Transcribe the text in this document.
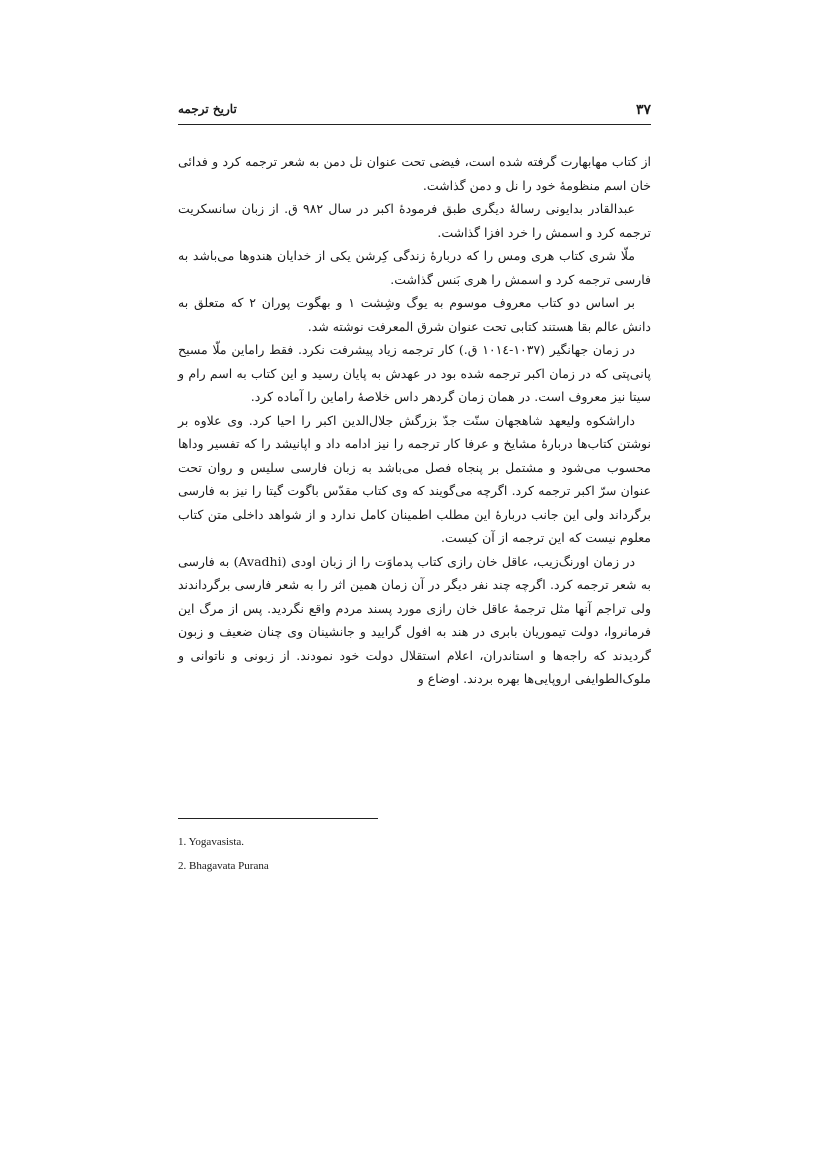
۳۷
تاریخ ترجمه

از کتاب مهابهارت گرفته شده است، فیضی تحت عنوان نل دمن به شعر ترجمه کرد و فدائی خان اسم منظومهٔ خود را نل و دمن گذاشت.

عبدالقادر بدایونی رسالهٔ دیگری طبق فرمودهٔ اکبر در سال ۹۸۲ ق. از زبان سانسکریت ترجمه کرد و اسمش را خرد افزا گذاشت.

ملّا شری کتاب هری ومس را که دربارهٔ زندگی کِرشن یکی از خدایان هندوها می‌باشد به فارسی ترجمه کرد و اسمش را هری بَنس گذاشت.

بر اساس دو کتاب معروف موسوم به یوگ وشِشت ۱ و بهگوت پوران ۲ که متعلق به دانش عالم بقا هستند کتابی تحت عنوان شرق المعرفت نوشته شد.

در زمان جهانگیر (۱۰۳۷-۱۰۱٤ ق.) کار ترجمه زیاد پیشرفت نکرد. فقط راماین ملّا مسیح پانی‌پتی که در زمان اکبر ترجمه شده بود در عهدش به پایان رسید و این کتاب به اسم رام و سیتا نیز معروف است. در همان زمان گردهر داس خلاصهٔ راماین را آماده کرد.

داراشکوه ولیعهد شاهجهان سنّت جدّ بزرگش جلال‌الدین اکبر را احیا کرد. وی علاوه بر نوشتن کتاب‌ها دربارهٔ مشایخ و عرفا کار ترجمه را نیز ادامه داد و اپانیشد را که تفسیر وداها محسوب می‌شود و مشتمل بر پنجاه فصل می‌باشد به زبان فارسی سلیس و روان تحت عنوان سرّ اکبر ترجمه کرد. اگرچه می‌گویند که وی کتاب مقدّس باگوت گیتا را نیز به فارسی برگرداند ولی این جانب دربارهٔ این مطلب اطمینان کامل ندارد و از شواهد داخلی متن کتاب معلوم نیست که این ترجمه از آن کیست.

در زمان اورنگ‌زیب، عاقل خان رازی کتاب پدماوَت را از زبان اودی (Avadhi) به فارسی به شعر ترجمه کرد. اگرچه چند نفر دیگر در آن زمان همین اثر را به شعر فارسی برگرداندند ولی تراجم آنها مثل ترجمهٔ عاقل خان رازی مورد پسند مردم واقع نگردید. پس از مرگ این فرمانروا، دولت تیموریان بابری در هند به افول گرایید و جانشینان وی چنان ضعیف و زبون گردیدند که راجه‌ها و استاندران، اعلام استقلال دولت خود نمودند. از زبونی و ناتوانی و ملوک‌الطوایفی اروپایی‌ها بهره بردند. اوضاع و

1. Yogavasista.
2. Bhagavata Purana
